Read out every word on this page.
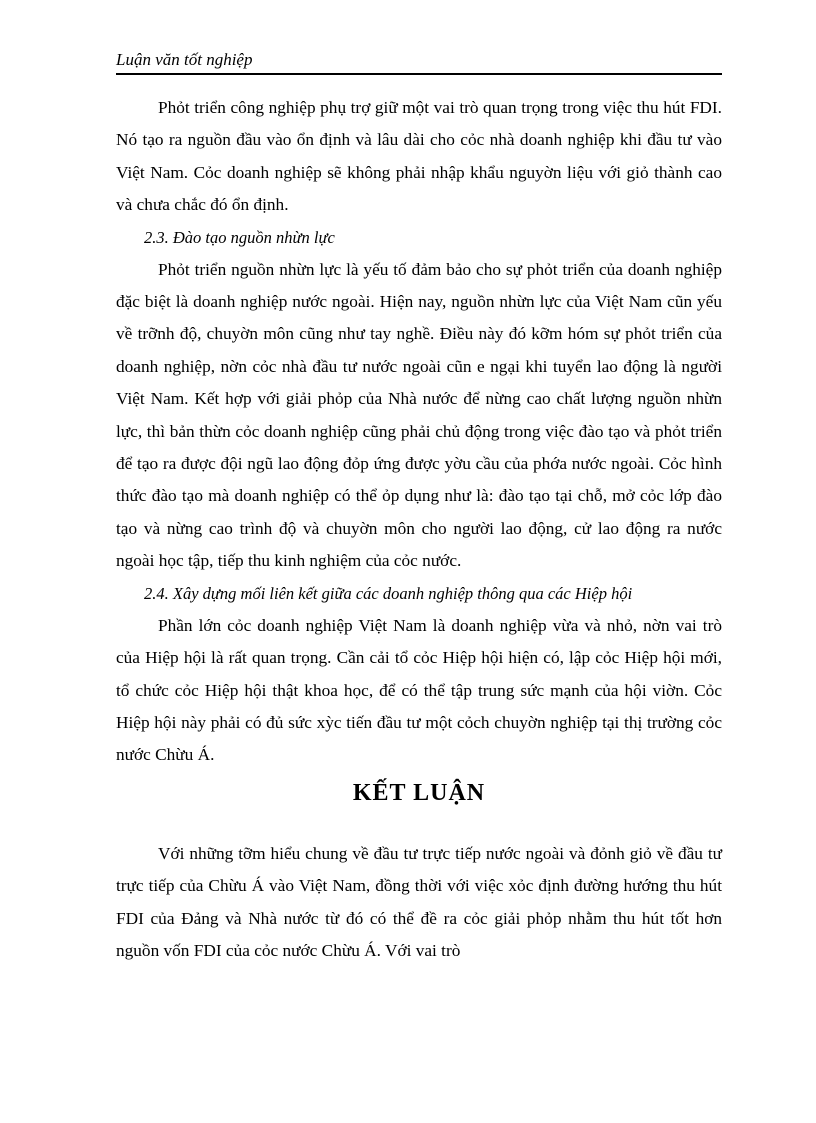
Luận văn tốt nghiệp

Phỏt triển công nghiệp phụ trợ giữ một vai trò quan trọng trong việc thu hút FDI. Nó tạo ra nguồn đầu vào ổn định và lâu dài cho cỏc nhà doanh nghiệp khi đầu tư vào Việt Nam. Cỏc doanh nghiệp sẽ không phải nhập khẩu nguyờn liệu với giỏ thành cao và chưa chắc đó ổn định.

2.3. Đào tạo nguồn nhừn lực

Phỏt triển nguồn nhừn lực là yếu tố đảm bảo cho sự phỏt triển của doanh nghiệp đặc biệt là doanh nghiệp nước ngoài. Hiện nay, nguồn nhừn lực của Việt Nam cũn yếu về trỡnh độ, chuyờn môn cũng như tay nghề. Điều này đó kỡm hóm sự phỏt triển của doanh nghiệp, nờn cỏc nhà đầu tư nước ngoài cũn e ngại khi tuyển lao động là người Việt Nam. Kết hợp với giải phỏp của Nhà nước để nừng cao chất lượng nguồn nhừn lực, thì bản thừn cỏc doanh nghiệp cũng phải chủ động trong việc đào tạo và phỏt triển để tạo ra được đội ngũ lao động đỏp ứng được yờu cầu của phớa nước ngoài. Cỏc hình thức đào tạo mà doanh nghiệp có thể ỏp dụng như là: đào tạo tại chỗ, mở cỏc lớp đào tạo và nừng cao trình độ và chuyờn môn cho người lao động, cử lao động ra nước ngoài học tập, tiếp thu kinh nghiệm của cỏc nước.

2.4. Xây dựng mối liên kết giữa các doanh nghiệp thông qua các Hiệp hội

Phần lớn cỏc doanh nghiệp Việt Nam là doanh nghiệp vừa và nhỏ, nờn vai trò của Hiệp hội là rất quan trọng. Cần cải tổ cỏc Hiệp hội hiện có, lập cỏc Hiệp hội mới, tổ chức cỏc Hiệp hội thật khoa học, để có thể tập trung sức mạnh của hội viờn. Cỏc Hiệp hội này phải có đủ sức xỳc tiến đầu tư một cỏch chuyờn nghiệp tại thị trường cỏc nước Chừu Á.

KẾT LUẬN

Với những tỡm hiểu chung về đầu tư trực tiếp nước ngoài và đỏnh giỏ về đầu tư trực tiếp của Chừu Á vào Việt Nam, đồng thời với việc xỏc định đường hướng thu hút FDI của Đảng và Nhà nước từ đó có thể đề ra cỏc giải phỏp nhằm thu hút tốt hơn nguồn vốn FDI của cỏc nước Chừu Á. Với vai trò
